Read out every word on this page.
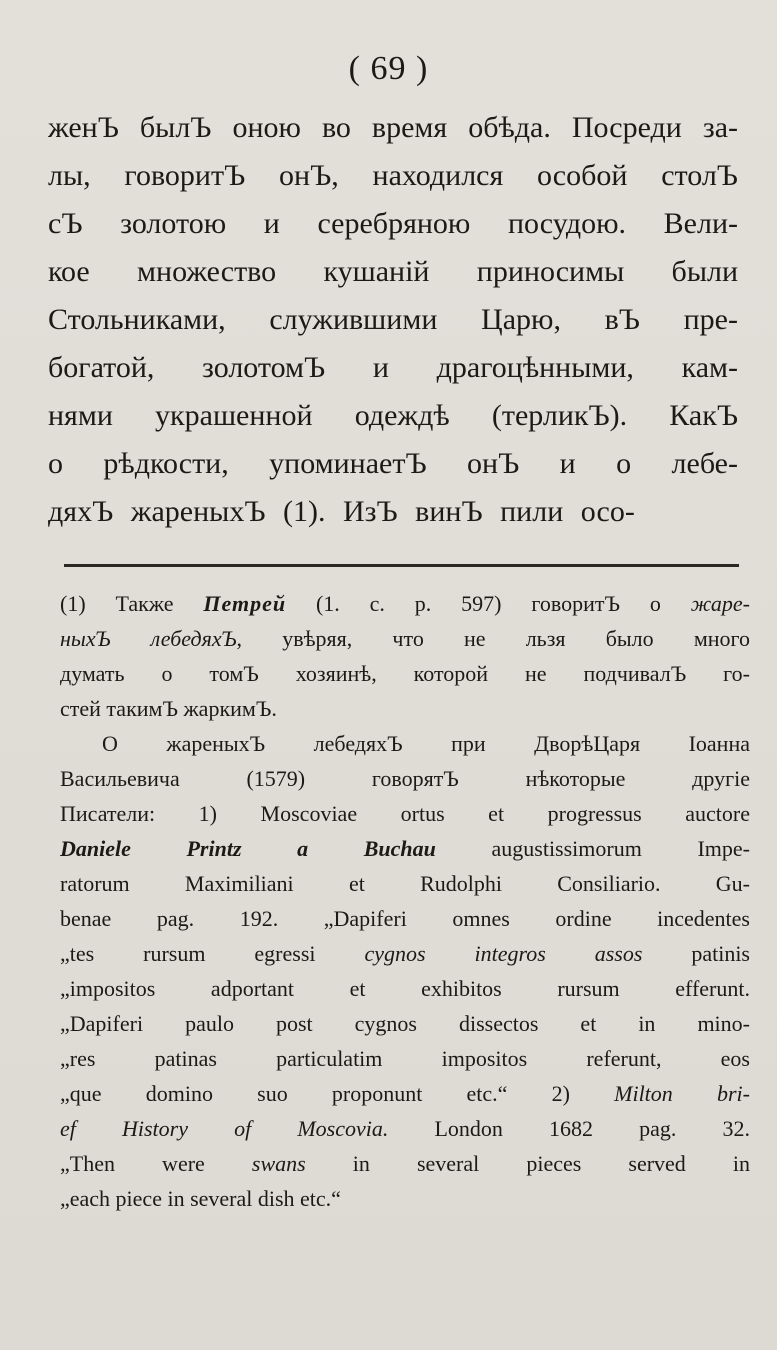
( 69 )

женЪ былЪ оною во время обѣда. Посреди за-

лы, говоритЪ онЪ, находился особой столЪ

сЪ золотою и серебряною посудою. Вели-

кое множество кушаній приносимы были

Стольниками, служившими Царю, вЪ пре-

богатой, золотомЪ и драгоцѣнными, кам-

нями украшенной одеждѣ (терликЪ). КакЪ

о рѣдкости, упоминаетЪ онЪ и о лебе-

дяхЪ жареныхЪ (1). ИзЪ винЪ пили осо-

(1) Также Петрей (1. c. p. 597) говоритЪ о жаре-

ныхЪ лебедяхЪ, увѣряя, что не льзя было много

думать о томЪ хозяинѣ, которой не подчивалЪ го-

стей такимЪ жаркимЪ.

О жареныхЪ лебедяхЪ при ДворѣЦаря Іоанна

Васильевича (1579) говорятЪ нѣкоторые другіе

Писатели: 1) Moscoviae ortus et progressus auctore

Daniele Printz a Buchau augustissimorum Impe-

ratorum Maximiliani et Rudolphi Consiliario. Gu-

benae pag. 192. „Dapiferi omnes ordine incedentes

„tes rursum egressi cygnos integros assos patinis

„impositos adportant et exhibitos rursum efferunt.

„Dapiferi paulo post cygnos dissectos et in mino-

„res patinas particulatim impositos referunt, eos

„que domino suo proponunt etc.“ 2) Milton bri-

ef History of Moscovia. London 1682 pag. 32.

„Then were swans in several pieces served in

„each piece in several dish etc.“
